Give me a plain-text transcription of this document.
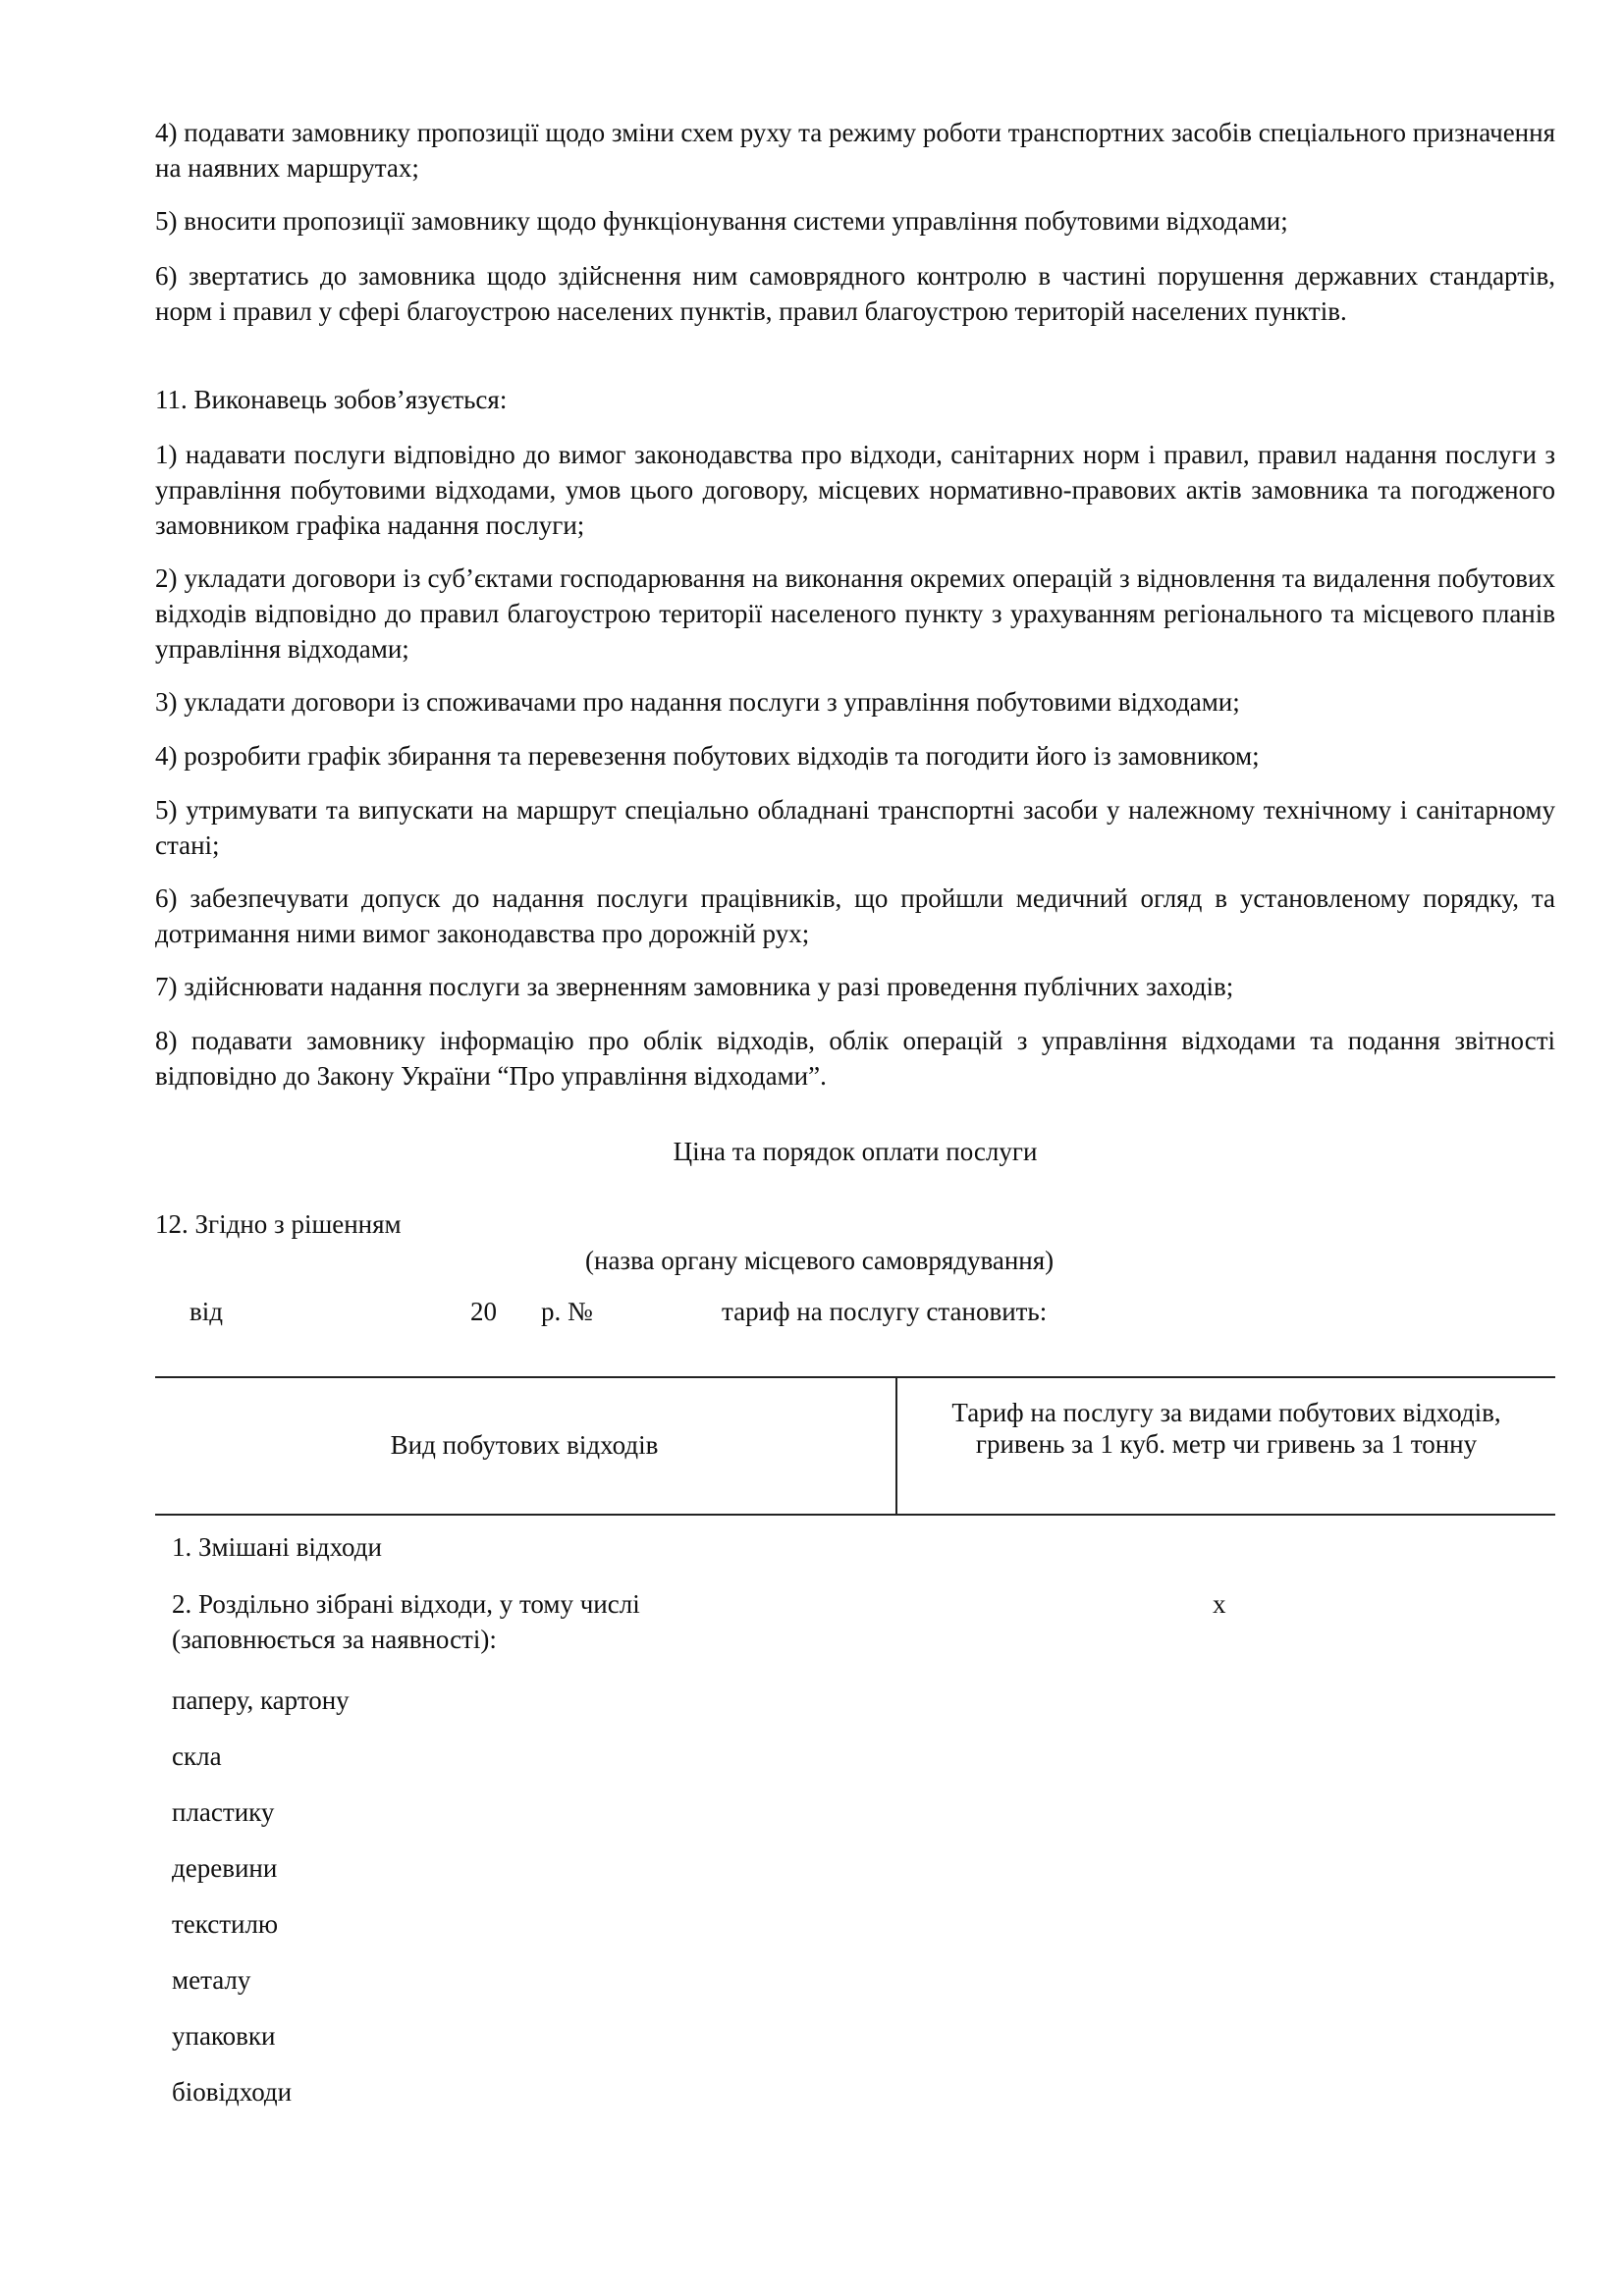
4) подавати замовнику пропозиції щодо зміни схем руху та режиму роботи транспортних засобів спеціального призначення на наявних маршрутах;

5) вносити пропозиції замовнику щодо функціонування системи управління побутовими відходами;

6) звертатись до замовника щодо здійснення ним самоврядного контролю в частині порушення державних стандартів, норм і правил у сфері благоустрою населених пунктів, правил благоустрою територій населених пунктів.

11. Виконавець зобов’язується:

1) надавати послуги відповідно до вимог законодавства про відходи, санітарних норм і правил, правил надання послуги з управління побутовими відходами, умов цього договору, місцевих нормативно-правових актів замовника та погодженого замовником графіка надання послуги;

2) укладати договори із суб’єктами господарювання на виконання окремих операцій з відновлення та видалення побутових відходів відповідно до правил благоустрою території населеного пункту з урахуванням регіонального та місцевого планів управління відходами;

3) укладати договори із споживачами про надання послуги з управління побутовими відходами;

4) розробити графік збирання та перевезення побутових відходів та погодити його із замовником;

5) утримувати та випускати на маршрут спеціально обладнані транспортні засоби у належному технічному і санітарному стані;

6) забезпечувати допуск до надання послуги працівників, що пройшли медичний огляд в установленому порядку, та дотримання ними вимог законодавства про дорожній рух;

7) здійснювати надання послуги за зверненням замовника у разі проведення публічних заходів;

8) подавати замовнику інформацію про облік відходів, облік операцій з управління відходами та подання звітності відповідно до Закону України “Про управління відходами”.

Ціна та порядок оплати послуги
12. Згідно з рішенням
(назва органу місцевого самоврядування)
від	20 р. №	тариф на послугу становить:
Вид побутових відходів
Тариф на послугу за видами побутових відходів, гривень за 1 куб. метр чи гривень за 1 тонну
1. Змішані відходи
2. Роздільно зібрані відходи, у тому числі (заповнюється за наявності):
х
паперу, картону
скла
пластику
деревини
текстилю
металу
упаковки
біовідходи
